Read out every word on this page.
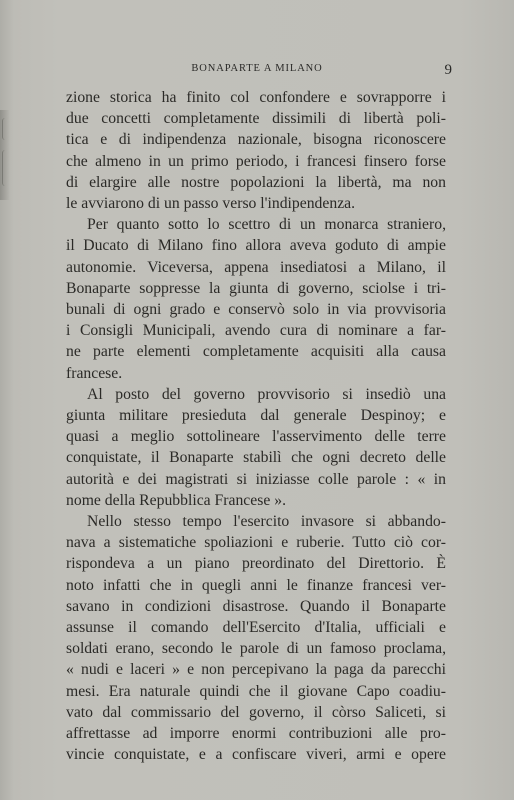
BONAPARTE A MILANO	9
zione storica ha finito col confondere e sovrapporre i
due concetti completamente dissimili di libertà poli-
tica e di indipendenza nazionale, bisogna riconoscere
che almeno in un primo periodo, i francesi finsero forse
di elargire alle nostre popolazioni la libertà, ma non
le avviarono di un passo verso l'indipendenza.
Per quanto sotto lo scettro di un monarca straniero,
il Ducato di Milano fino allora aveva goduto di ampie
autonomie. Viceversa, appena insediatosi a Milano, il
Bonaparte soppresse la giunta di governo, sciolse i tri-
bunali di ogni grado e conservò solo in via provvisoria
i Consigli Municipali, avendo cura di nominare a far-
ne parte elementi completamente acquisiti alla causa
francese.
Al posto del governo provvisorio si insediò una
giunta militare presieduta dal generale Despinoy; e
quasi a meglio sottolineare l'asservimento delle terre
conquistate, il Bonaparte stabilì che ogni decreto delle
autorità e dei magistrati si iniziasse colle parole : « in
nome della Repubblica Francese ».
Nello stesso tempo l'esercito invasore si abbando-
nava a sistematiche spoliazioni e ruberie. Tutto ciò cor-
rispondeva a un piano preordinato del Direttorio. È
noto infatti che in quegli anni le finanze francesi ver-
savano in condizioni disastrose. Quando il Bonaparte
assunse il comando dell'Esercito d'Italia, ufficiali e
soldati erano, secondo le parole di un famoso proclama,
« nudi e laceri » e non percepivano la paga da parecchi
mesi. Era naturale quindi che il giovane Capo coadiu-
vato dal commissario del governo, il còrso Saliceti, si
affrettasse ad imporre enormi contribuzioni alle pro-
vincie conquistate, e a confiscare viveri, armi e opere
